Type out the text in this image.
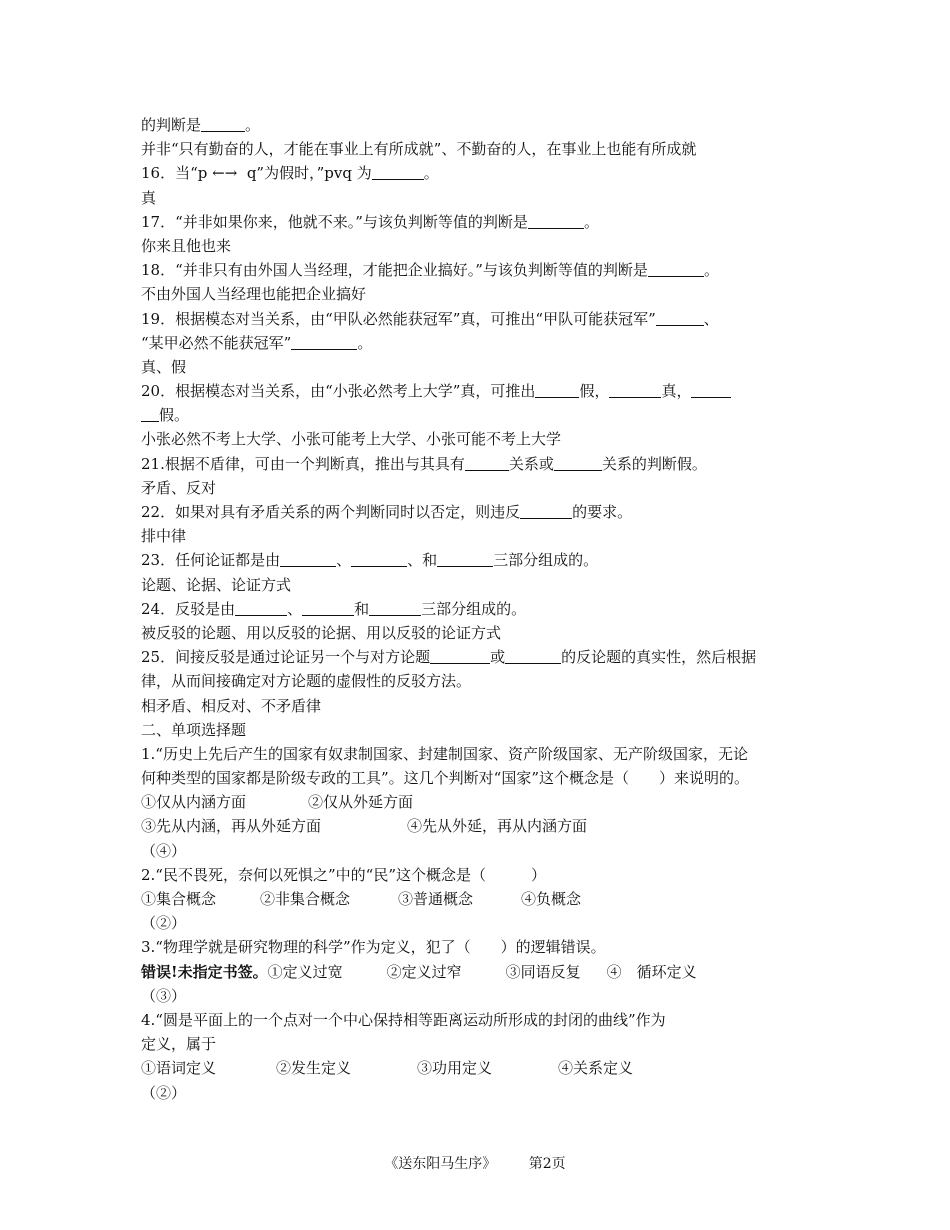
的判断是	。
并非“只有勤奋的人，才能在事业上有所成就”、不勤奋的人，在事业上也能有所成就
16．当“p ←→ q”为假时，”pvq 为	。
真
17．“并非如果你来，他就不来。”与该负判断等值的判断是	。
你来且他也来
18．“并非只有由外国人当经理，才能把企业搞好。”与该负判断等值的判断是	。
不由外国人当经理也能把企业搞好
19．根据模态对当关系，由“甲队必然能获冠军”真，可推出“甲队可能获冠军”	、
“某甲必然不能获冠军”	。
真、假
20．根据模态对当关系，由“小张必然考上大学”真，可推出	假，	真，
假。
小张必然不考上大学、小张可能考上大学、小张可能不考上大学
21.根据不盾律，可由一个判断真，推出与其具有	关系或	关系的判断假。
矛盾、反对
22．如果对具有矛盾关系的两个判断同时以否定，则违反	的要求。
排中律
23．任何论证都是由	、	、和	三部分组成的。
论题、论据、论证方式
24．反驳是由	、	和	三部分组成的。
被反驳的论题、用以反驳的论据、用以反驳的论证方式
25．间接反驳是通过论证另一个与对方论题	或	的反论题的真实性，然后根据
律，从而间接确定对方论题的虚假性的反驳方法。
相矛盾、相反对、不矛盾律
二、单项选择题
1.“历史上先后产生的国家有奴隶制国家、封建制国家、资产阶级国家、无产阶级国家，无论
何种类型的国家都是阶级专政的工具”。这几个判断对“国家”这个概念是（　　）来说明的。
①仅从内涵方面	②仅从外延方面
③先从内涵，再从外延方面	④先从外延，再从内涵方面
（④）
2.“民不畏死，奈何以死惧之”中的“民”这个概念是（　　　）
①集合概念	②非集合概念	③普通概念	④负概念
（②）
3.“物理学就是研究物理的科学”作为定义，犯了（　　）的逻辑错误。
错误!未指定书签。①定义过宽	②定义过窄	③同语反复 ④　循环定义
（③）
4.“圆是平面上的一个点对一个中心保持相等距离运动所形成的封闭的曲线”作为
定义，属于
①语词定义	②发生定义	③功用定义	④关系定义
（②）
《送东阳马生序》 第2页
